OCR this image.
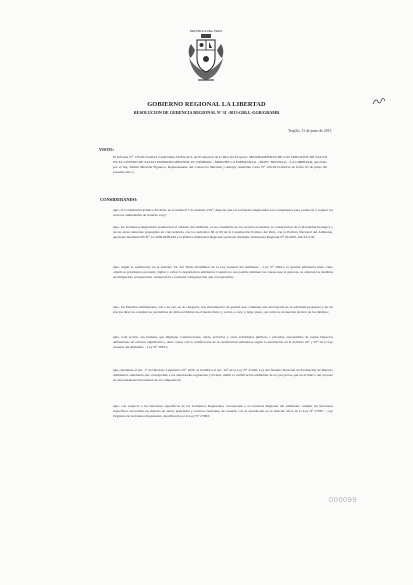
REPUBLICA DEL PERU
GOBIERNO REGIONAL LA LIBERTAD
RESOLUCION DE GERENCIA REGIONAL N° 31 -2013-GRLL-GGR/GRAMR
Trujillo, 11 de junio de 2013
VISTO:
El Informe N° 178-2013-GRLL-GGR/GRA-SGEA.ACI, de Evaluación de la DIA del Proyecto: MEJORAMIENTO DE LOS SERVICIOS DE SALUD EN EL CENTRO DE SALUD MATERNO INFANTIL EL NÚMERO – MERCHE LA ESPERANZA – PROV. TRUJILLO – LA LIBERTAD, aprobado por el Ing. Martin Miranda Figueroa, Representante del Consorcio Miranda y Amaya, mediante Carta N° 120-2013-GRCA de fecha 03 de junio del presente año; y
CONSIDERANDO:
Que, la Constitución Política del Perú, en el numeral 5 de Artículo 192°, dispone que los Gobiernos Regionales son competentes para promover y regular los sectores ambientales de acuerdo a ley;
Que, los Gobiernos Regionales promueven el cuidado del ambiente, el uso sostenible de los recursos naturales, la conservación de la diversidad biológica y de las áreas naturales protegidas en concordancia con los Artículos 66 al 69 de la Constitución Política del Perú, con la Política Nacional del Ambiente, aprobada mediante DS N° 12-2009-MINAM y la Política Ambiental Regional aprobada mediante Ordenanza Regional N° 04-2001-GR-LL/CR;
Que, según lo establecido en el Artículo VI, del Título Preliminar de la Ley General del Ambiente – Ley N° 28611, la gestión ambiental tiene como objetivos prioritarios prevenir, vigilar y evitar la degradación ambiental. Cuando no sea posible eliminar las causas que la generan, se adoptan las medidas de mitigación, recuperación, restauración o eventual compensación que correspondan;
Que, los Estudios Ambientales, son a su vez, en su categoría, son instrumentos de gestión que contienen una descripción de la actividad propuesta y de los efectos directos e indirectos previsibles de dicha actividad en el medio físico y social, a corto y largo plazo, así como la evaluación técnica de los mismos;
Que, toda acción, sea humana que implique construcciones, obras, servicios y otras actividades públicas o privadas, susceptibles de causar impactos ambientales de carácter significativo, debe contar con la certificación de la certificación ambiental, según lo establecido en el Artículo 24° y 25° de la Ley General del Ambiente – Ley N° 28611;
Que, mediante el Art. 1° del Decreto Legislativo N° 1078, se modifica el Art. 16° de la Ley N° 27446, Ley del Sistema Nacional de Evaluación de Impacto Ambiental, señalando que corresponde a las autoridades regionales y locales, emitir la certificación ambiental de los proyectos que en el marco del proceso de descentralización resulten de su competencia;
Que, con respecto a las funciones específicas de los Gobiernos Regionales, corresponde a la Gerencia Regional del Ambiente, cumplir las funciones específicas sectoriales en materia de salud, principios y recursos naturales, de acuerdo con lo establecido en el Artículo 29-A de la Ley N° 27867 – Ley Orgánica de Gobiernos Regionales, modificada por la Ley N° 27902;
000099
